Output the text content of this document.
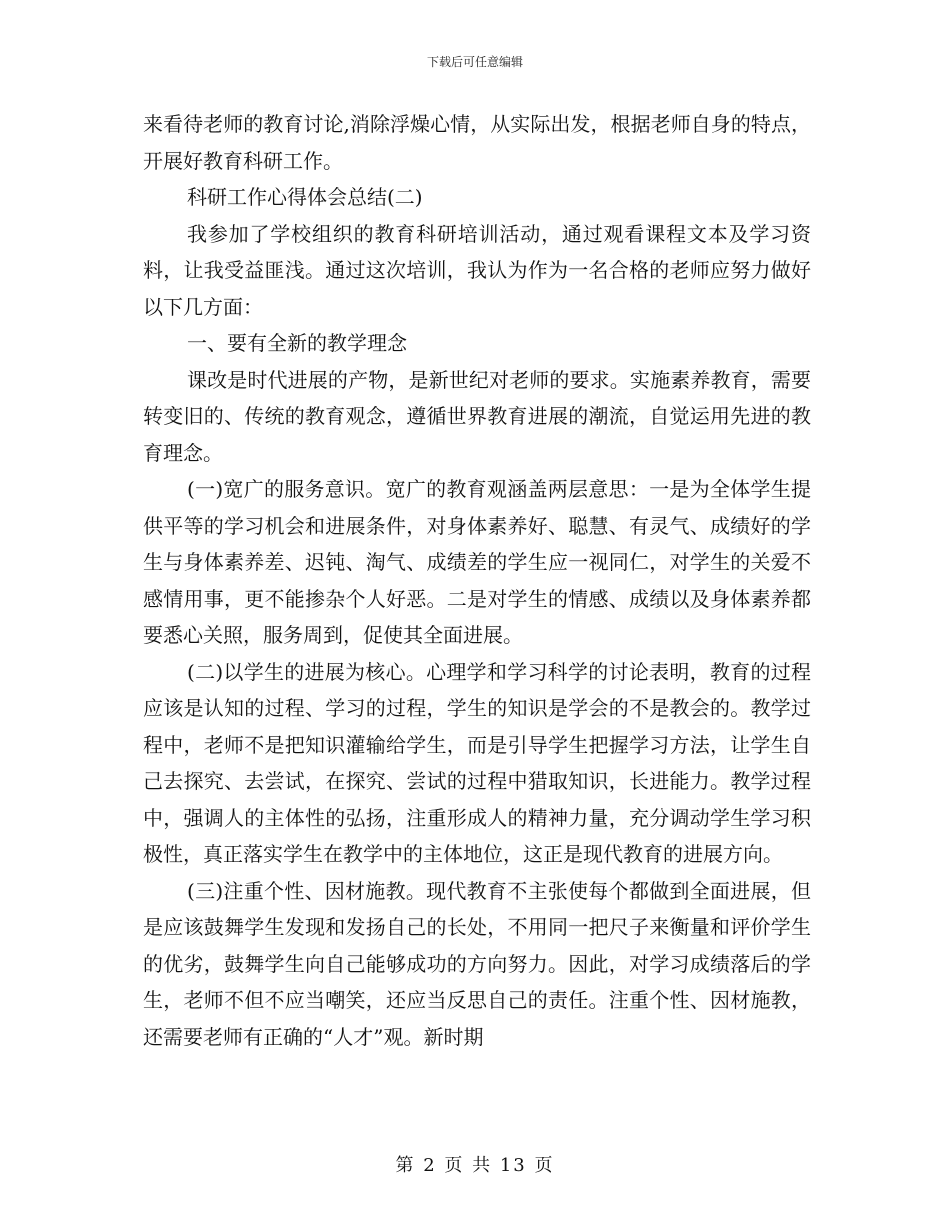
下载后可任意编辑

来看待老师的教育讨论,消除浮燥心情，从实际出发，根据老师自身的特点，开展好教育科研工作。

科研工作心得体会总结(二)

我参加了学校组织的教育科研培训活动，通过观看课程文本及学习资料，让我受益匪浅。通过这次培训，我认为作为一名合格的老师应努力做好以下几方面：

一、要有全新的教学理念

课改是时代进展的产物，是新世纪对老师的要求。实施素养教育，需要转变旧的、传统的教育观念，遵循世界教育进展的潮流，自觉运用先进的教育理念。

(一)宽广的服务意识。宽广的教育观涵盖两层意思：一是为全体学生提供平等的学习机会和进展条件，对身体素养好、聪慧、有灵气、成绩好的学生与身体素养差、迟钝、淘气、成绩差的学生应一视同仁，对学生的关爱不感情用事，更不能掺杂个人好恶。二是对学生的情感、成绩以及身体素养都要悉心关照，服务周到，促使其全面进展。

(二)以学生的进展为核心。心理学和学习科学的讨论表明，教育的过程应该是认知的过程、学习的过程，学生的知识是学会的不是教会的。教学过程中，老师不是把知识灌输给学生，而是引导学生把握学习方法，让学生自己去探究、去尝试，在探究、尝试的过程中猎取知识，长进能力。教学过程中，强调人的主体性的弘扬，注重形成人的精神力量，充分调动学生学习积极性，真正落实学生在教学中的主体地位，这正是现代教育的进展方向。

(三)注重个性、因材施教。现代教育不主张使每个都做到全面进展，但是应该鼓舞学生发现和发扬自己的长处，不用同一把尺子来衡量和评价学生的优劣，鼓舞学生向自己能够成功的方向努力。因此，对学习成绩落后的学生，老师不但不应当嘲笑，还应当反思自己的责任。注重个性、因材施教，还需要老师有正确的“人才”观。新时期

第 2 页 共 13 页
